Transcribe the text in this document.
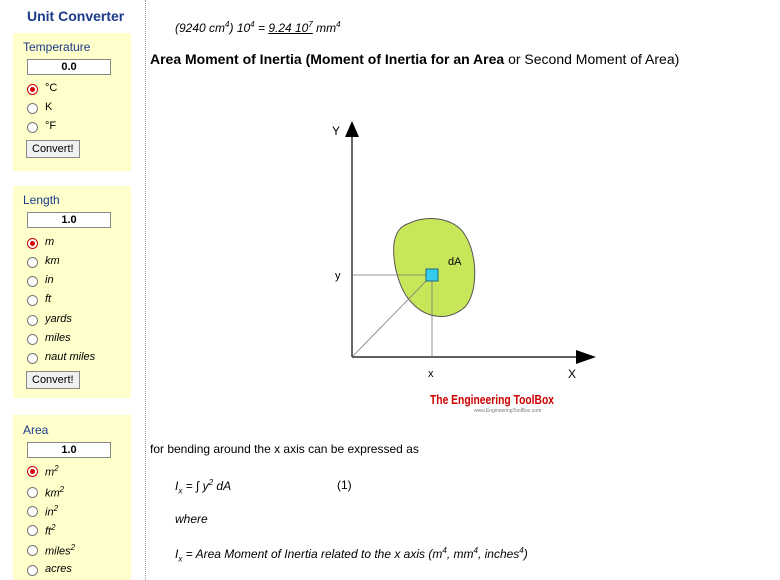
Unit Converter
Temperature
0.0
°C
K
°F
Convert!
Length
1.0
m
km
in
ft
yards
miles
naut miles
Convert!
Area
1.0
$m^2$
$km^2$
$in^2$
$ft^2$
miles$^2$
acres
(9240 $cm^4$) $10^4 = 9.24$ $10^7$ $mm^4$
Area Moment of Inertia (Moment of Inertia for an Area or Second Moment of Area)
dA
Y
X
y
x
The Engineering ToolBox
www.EngineeringToolBox.com
for bending around the x axis can be expressed as
$I_x$ = ∫ $y^2$ dA	(1)
where
$I_x$ = Area Moment of Inertia related to the x axis ($m^4$, $mm^4$, inches$^4$)
